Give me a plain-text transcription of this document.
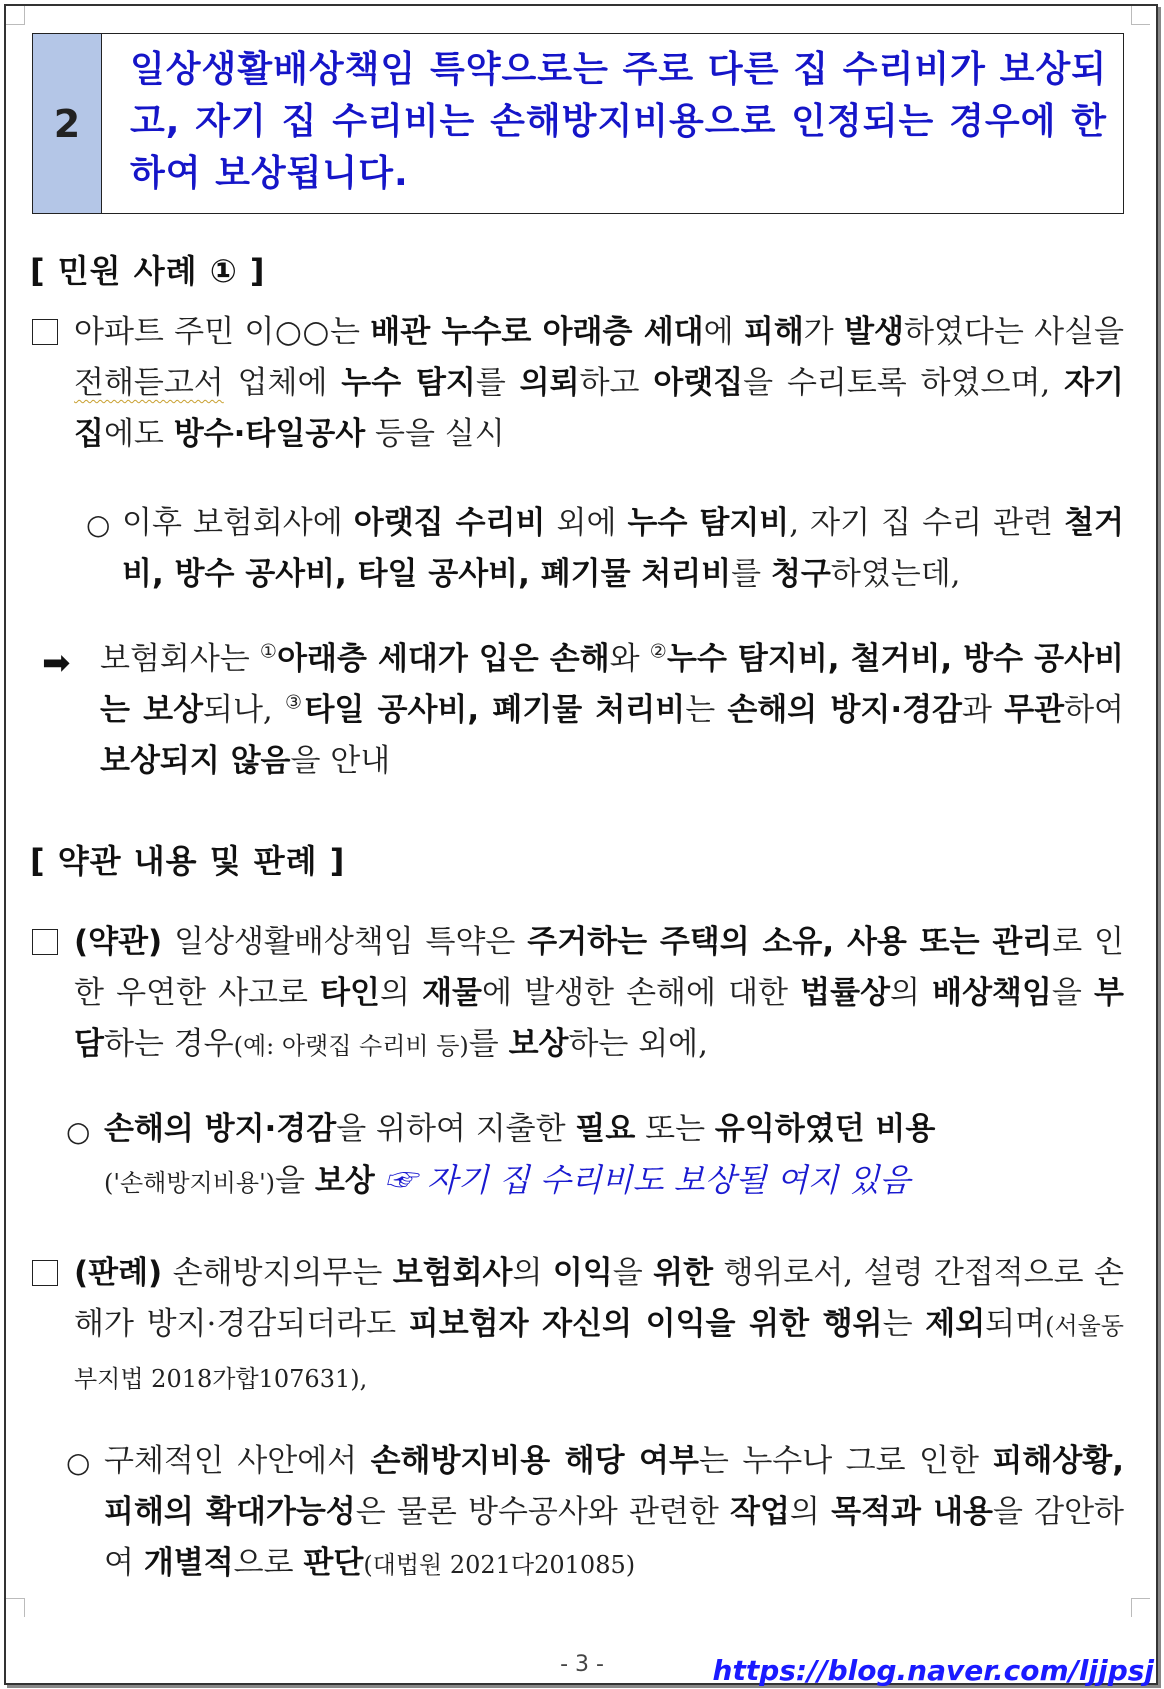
2
일상생활배상책임 특약으로는 주로 다른 집 수리비가 보상되고, 자기 집 수리비는 손해방지비용으로 인정되는 경우에 한하여 보상됩니다.
[ 민원 사례 ① ]
아파트 주민 이○○는 배관 누수로 아래층 세대에 피해가 발생하였다는 사실을 전해듣고서 업체에 누수 탐지를 의뢰하고 아랫집을 수리토록 하였으며, 자기 집에도 방수·타일공사 등을 실시
○ 이후 보험회사에 아랫집 수리비 외에 누수 탐지비, 자기 집 수리 관련 철거비, 방수 공사비, 타일 공사비, 폐기물 처리비를 청구하였는데,
➡ 보험회사는 ①아래층 세대가 입은 손해와 ②누수 탐지비, 철거비, 방수 공사비는 보상되나, ③타일 공사비, 폐기물 처리비는 손해의 방지·경감과 무관하여 보상되지 않음을 안내
[ 약관 내용 및 판례 ]
(약관) 일상생활배상책임 특약은 주거하는 주택의 소유, 사용 또는 관리로 인한 우연한 사고로 타인의 재물에 발생한 손해에 대한 법률상의 배상책임을 부담하는 경우(예: 아랫집 수리비 등)를 보상하는 외에,
○ 손해의 방지·경감을 위하여 지출한 필요 또는 유익하였던 비용
('손해방지비용')을 보상 ☞ 자기 집 수리비도 보상될 여지 있음
(판례) 손해방지의무는 보험회사의 이익을 위한 행위로서, 설령 간접적으로 손해가 방지·경감되더라도 피보험자 자신의 이익을 위한 행위는 제외되며(서울동부지법 2018가합107631),
○ 구체적인 사안에서 손해방지비용 해당 여부는 누수나 그로 인한 피해상황, 피해의 확대가능성은 물론 방수공사와 관련한 작업의 목적과 내용을 감안하여 개별적으로 판단(대법원 2021다201085)
- 3 -	https://blog.naver.com/ljjpsj
